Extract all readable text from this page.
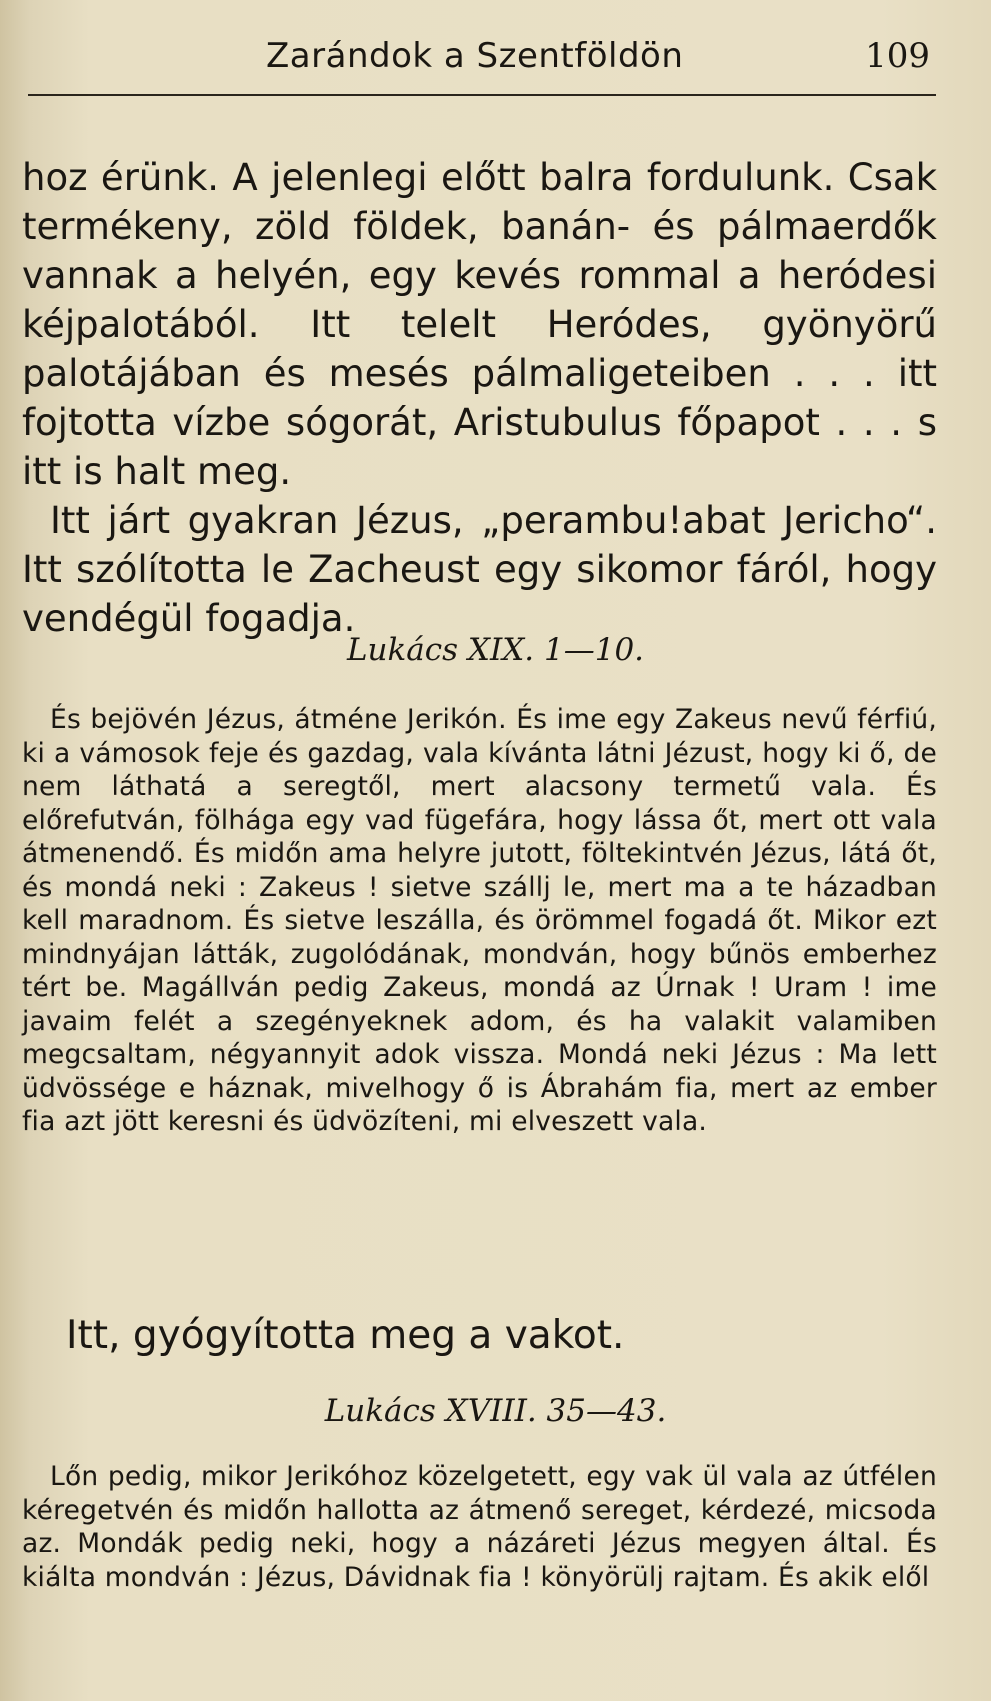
Zarándok a Szentföldön	109

hoz érünk. A jelenlegi előtt balra fordulunk. Csak termékeny, zöld földek, banán- és pálmaerdők vannak a helyén, egy kevés rommal a heródesi kéjpalotából. Itt telelt Heródes, gyönyörű palotájában és mesés pálmaligeteiben . . . itt fojtotta vízbe sógorát, Aristubulus főpapot . . . s itt is halt meg.

Itt járt gyakran Jézus, „perambu!abat Jericho“. Itt szólította le Zacheust egy sikomor fáról, hogy vendégül fogadja.

Lukács XIX. 1—10.

És bejövén Jézus, átméne Jerikón. És ime egy Zakeus nevű férfiú, ki a vámosok feje és gazdag, vala kívánta látni Jézust, hogy ki ő, de nem láthatá a seregtől, mert alacsony termetű vala. És előrefutván, fölhága egy vad fügefára, hogy lássa őt, mert ott vala átmenendő. És midőn ama helyre jutott, föltekintvén Jézus, látá őt, és mondá neki : Zakeus ! sietve szállj le, mert ma a te házadban kell maradnom. És sietve leszálla, és örömmel fogadá őt. Mikor ezt mindnyájan látták, zugolódának, mondván, hogy bűnös emberhez tért be. Magállván pedig Zakeus, mondá az Úrnak ! Uram ! ime javaim felét a szegényeknek adom, és ha valakit valamiben megcsaltam, négyannyit adok vissza. Mondá neki Jézus : Ma lett üdvössége e háznak, mivelhogy ő is Ábrahám fia, mert az ember fia azt jött keresni és üdvözíteni, mi elveszett vala.

Itt, gyógyította meg a vakot.
Lukács XVIII. 35—43.

Lőn pedig, mikor Jerikóhoz közelgetett, egy vak ül vala az útfélen kéregetvén és midőn hallotta az átmenő sereget, kérdezé, micsoda az. Mondák pedig neki, hogy a názáreti Jézus megyen által. És kiálta mondván : Jézus, Dávidnak fia ! könyörülj rajtam. És akik elől
